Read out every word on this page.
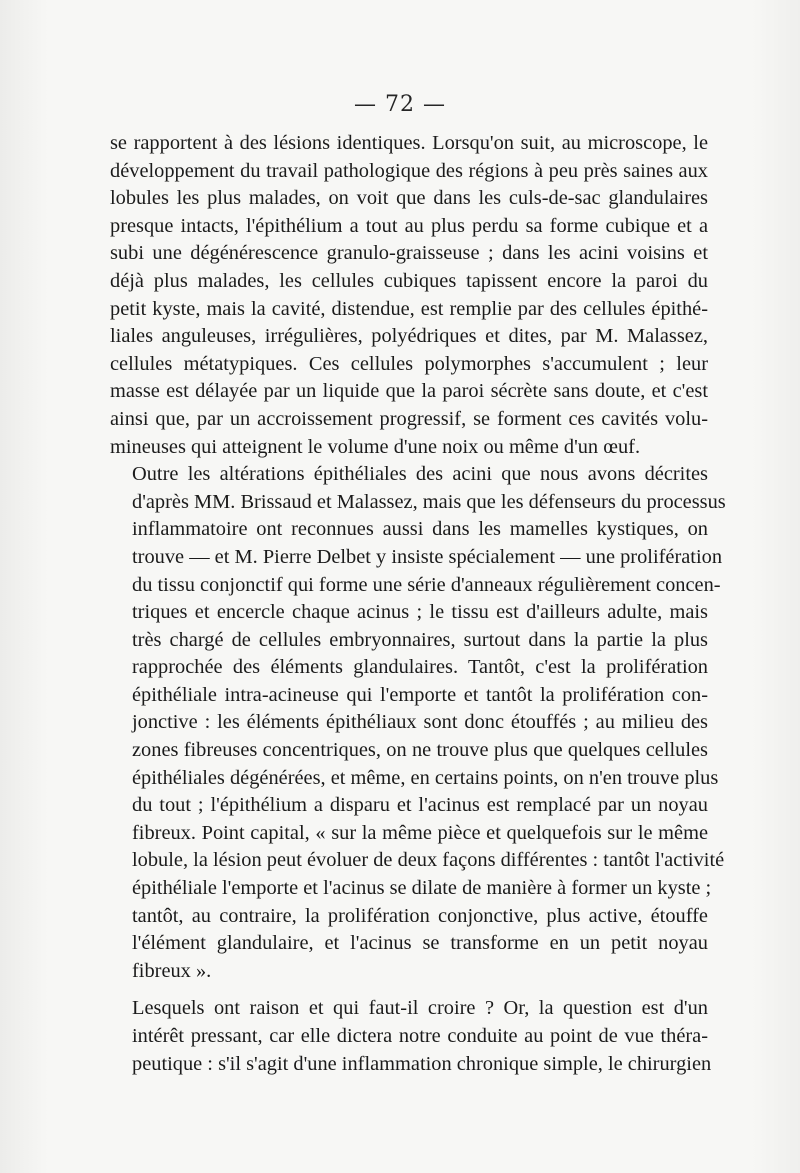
— 72 —

se rapportent à des lésions identiques. Lorsqu'on suit, au microscope, le
développement du travail pathologique des régions à peu près saines aux
lobules les plus malades, on voit que dans les culs-de-sac glandulaires
presque intacts, l'épithélium a tout au plus perdu sa forme cubique et a
subi une dégénérescence granulo-graisseuse ; dans les acini voisins et
déjà plus malades, les cellules cubiques tapissent encore la paroi du
petit kyste, mais la cavité, distendue, est remplie par des cellules épithé-
liales anguleuses, irrégulières, polyédriques et dites, par M. Malassez,
cellules métatypiques. Ces cellules polymorphes s'accumulent ; leur
masse est délayée par un liquide que la paroi sécrète sans doute, et c'est
ainsi que, par un accroissement progressif, se forment ces cavités volu-
mineuses qui atteignent le volume d'une noix ou même d'un œuf.

Outre les altérations épithéliales des acini que nous avons décrites
d'après MM. Brissaud et Malassez, mais que les défenseurs du processus
inflammatoire ont reconnues aussi dans les mamelles kystiques, on
trouve — et M. Pierre Delbet y insiste spécialement — une prolifération
du tissu conjonctif qui forme une série d'anneaux régulièrement concen-
triques et encercle chaque acinus ; le tissu est d'ailleurs adulte, mais
très chargé de cellules embryonnaires, surtout dans la partie la plus
rapprochée des éléments glandulaires. Tantôt, c'est la prolifération
épithéliale intra-acineuse qui l'emporte et tantôt la prolifération con-
jonctive : les éléments épithéliaux sont donc étouffés ; au milieu des
zones fibreuses concentriques, on ne trouve plus que quelques cellules
épithéliales dégénérées, et même, en certains points, on n'en trouve plus
du tout ; l'épithélium a disparu et l'acinus est remplacé par un noyau
fibreux. Point capital, « sur la même pièce et quelquefois sur le même
lobule, la lésion peut évoluer de deux façons différentes : tantôt l'activité
épithéliale l'emporte et l'acinus se dilate de manière à former un kyste ;
tantôt, au contraire, la prolifération conjonctive, plus active, étouffe
l'élément glandulaire, et l'acinus se transforme en un petit noyau
fibreux ».

Lesquels ont raison et qui faut-il croire ? Or, la question est d'un
intérêt pressant, car elle dictera notre conduite au point de vue théra-
peutique : s'il s'agit d'une inflammation chronique simple, le chirurgien
